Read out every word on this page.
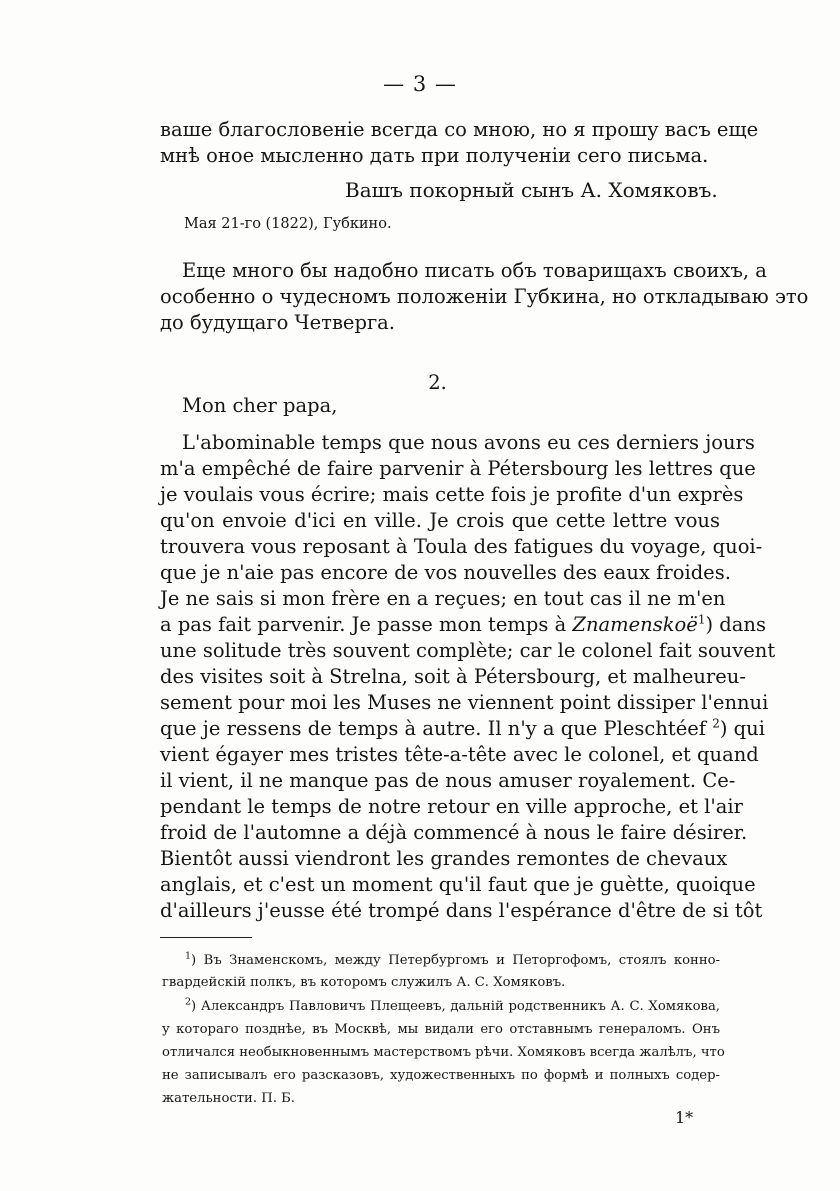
— 3 —
ваше благословеніе всегда со мною, но я прошу васъ еще
мнѣ оное мысленно дать при полученіи сего письма.
Вашъ покорный сынъ А. Хомяковъ.
Мая 21-го (1822), Губкино.
Еще много бы надобно писать объ товарищахъ своихъ, а
особенно о чудесномъ положеніи Губкина, но откладываю это
до будущаго Четверга.
2.
Mon cher papa,
L'abominable temps que nous avons eu ces derniers jours
m'a empêché de faire parvenir à Pétersbourg les lettres que
je voulais vous écrire; mais cette fois je profite d'un exprès
qu'on envoie d'ici en ville. Je crois que cette lettre vous
trouvera vous reposant à Toula des fatigues du voyage, quoi-
que je n'aie pas encore de vos nouvelles des eaux froides.
Je ne sais si mon frère en a reçues; en tout cas il ne m'en
a pas fait parvenir. Je passe mon temps à Znamenskoë$^1$) dans
une solitude très souvent complète; car le colonel fait souvent
des visites soit à Strelna, soit à Pétersbourg, et malheureu-
sement pour moi les Muses ne viennent point dissiper l'ennui
que je ressens de temps à autre. Il n'y a que Pleschtéef $^2$) qui
vient égayer mes tristes tête-a-tête avec le colonel, et quand
il vient, il ne manque pas de nous amuser royalement. Ce-
pendant le temps de notre retour en ville approche, et l'air
froid de l'automne a déjà commencé à nous le faire désirer.
Bientôt aussi viendront les grandes remontes de chevaux
anglais, et c'est un moment qu'il faut que je guètte, quoique
d'ailleurs j'eusse été trompé dans l'espérance d'être de si tôt
$^1$) Въ Знаменскомъ, между Петербургомъ и Петоргофомъ, стоялъ конно-
гвардейскій полкъ, въ которомъ служилъ А. С. Хомяковъ.
$^2$) Александръ Павловичъ Плещеевъ, дальній родственникъ А. С. Хомякова,
у котораго позднѣе, въ Москвѣ, мы видали его отставнымъ генераломъ. Онъ
отличался необыкновеннымъ мастерствомъ рѣчи. Хомяковъ всегда жалѣлъ, что
не записывалъ его разсказовъ, художественныхъ по формѣ и полныхъ содер-
жательности. П. Б.
1*
